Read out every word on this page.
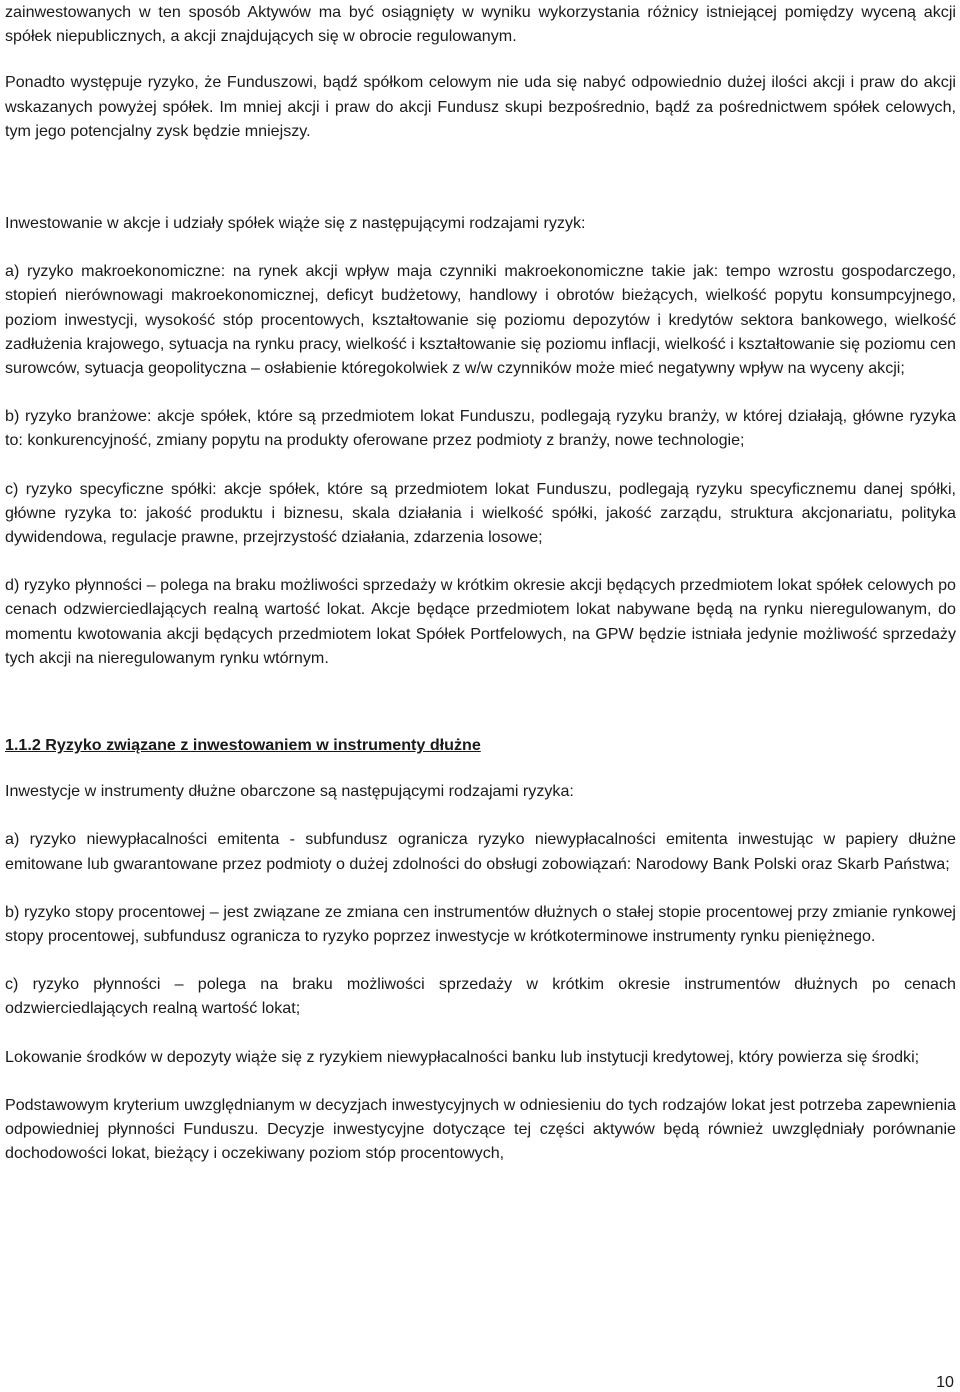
zainwestowanych w ten sposób Aktywów ma być osiągnięty w wyniku wykorzystania różnicy istniejącej pomiędzy wyceną akcji spółek niepublicznych, a akcji znajdujących się w obrocie regulowanym.

Ponadto występuje ryzyko, że Funduszowi, bądź spółkom celowym nie uda się nabyć odpowiednio dużej ilości akcji i praw do akcji wskazanych powyżej spółek. Im mniej akcji i praw do akcji Fundusz skupi bezpośrednio, bądź za pośrednictwem spółek celowych, tym jego potencjalny zysk będzie mniejszy.

Inwestowanie w akcje i udziały spółek wiąże się z następującymi rodzajami ryzyk:

a) ryzyko makroekonomiczne: na rynek akcji wpływ maja czynniki makroekonomiczne takie jak: tempo wzrostu gospodarczego, stopień nierównowagi makroekonomicznej, deficyt budżetowy, handlowy i obrotów bieżących, wielkość popytu konsumpcyjnego, poziom inwestycji, wysokość stóp procentowych, kształtowanie się poziomu depozytów i kredytów sektora bankowego, wielkość zadłużenia krajowego, sytuacja na rynku pracy, wielkość i kształtowanie się poziomu inflacji, wielkość i kształtowanie się poziomu cen surowców, sytuacja geopolityczna – osłabienie któregokolwiek z w/w czynników może mieć negatywny wpływ na wyceny akcji;

b) ryzyko branżowe: akcje spółek, które są przedmiotem lokat Funduszu, podlegają ryzyku branży, w której działają, główne ryzyka to: konkurencyjność, zmiany popytu na produkty oferowane przez podmioty z branży, nowe technologie;

c) ryzyko specyficzne spółki: akcje spółek, które są przedmiotem lokat Funduszu, podlegają ryzyku specyficznemu danej spółki, główne ryzyka to: jakość produktu i biznesu, skala działania i wielkość spółki, jakość zarządu, struktura akcjonariatu, polityka dywidendowa, regulacje prawne, przejrzystość działania, zdarzenia losowe;

d) ryzyko płynności – polega na braku możliwości sprzedaży w krótkim okresie akcji będących przedmiotem lokat spółek celowych po cenach odzwierciedlających realną wartość lokat. Akcje będące przedmiotem lokat nabywane będą na rynku nieregulowanym, do momentu kwotowania akcji będących przedmiotem lokat Spółek Portfelowych, na GPW będzie istniała jedynie możliwość sprzedaży tych akcji na nieregulowanym rynku wtórnym.

1.1.2 Ryzyko związane z inwestowaniem w instrumenty dłużne

Inwestycje w instrumenty dłużne obarczone są następującymi rodzajami ryzyka:

a) ryzyko niewypłacalności emitenta - subfundusz ogranicza ryzyko niewypłacalności emitenta inwestując w papiery dłużne emitowane lub gwarantowane przez podmioty o dużej zdolności do obsługi zobowiązań: Narodowy Bank Polski oraz Skarb Państwa;

b) ryzyko stopy procentowej – jest związane ze zmiana cen instrumentów dłużnych o stałej stopie procentowej przy zmianie rynkowej stopy procentowej, subfundusz ogranicza to ryzyko poprzez inwestycje w krótkoterminowe instrumenty rynku pieniężnego.

c) ryzyko płynności – polega na braku możliwości sprzedaży w krótkim okresie instrumentów dłużnych po cenach odzwierciedlających realną wartość lokat;

Lokowanie środków w depozyty wiąże się z ryzykiem niewypłacalności banku lub instytucji kredytowej, który powierza się środki;

Podstawowym kryterium uwzględnianym w decyzjach inwestycyjnych w odniesieniu do tych rodzajów lokat jest potrzeba zapewnienia odpowiedniej płynności Funduszu. Decyzje inwestycyjne dotyczące tej części aktywów będą również uwzględniały porównanie dochodowości lokat, bieżący i oczekiwany poziom stóp procentowych,

10
